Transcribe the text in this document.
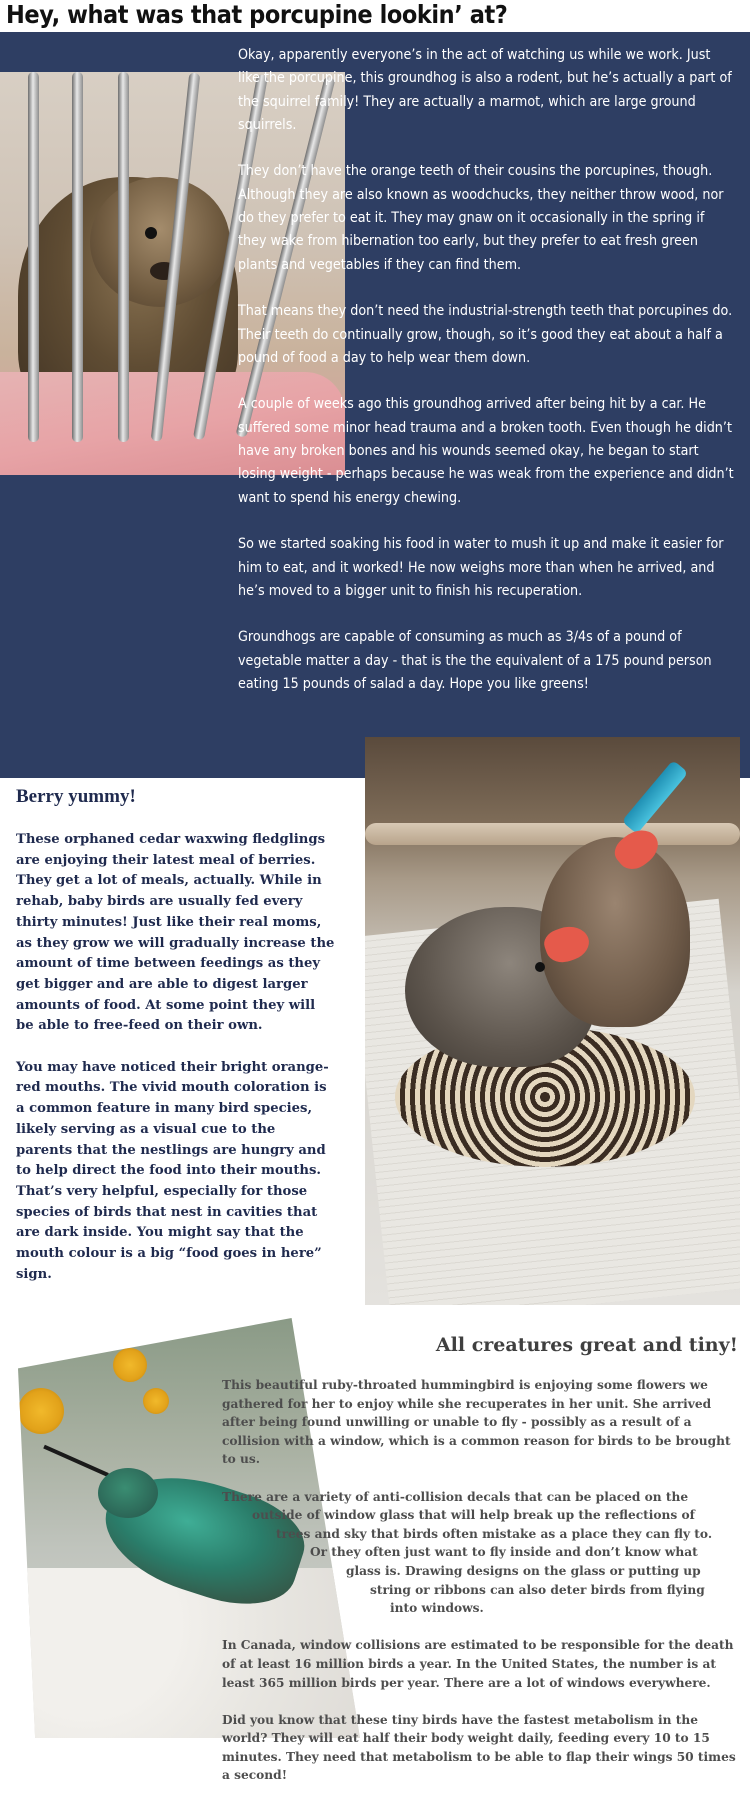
Hey, what was that porcupine lookin’ at?

Okay, apparently everyone’s in the act of watching us while we work. Just like the porcupine, this groundhog is also a rodent, but he’s actually a part of the squirrel family! They are actually a marmot, which are large ground squirrels.

They don’t have the orange teeth of their cousins the porcupines, though. Although they are also known as woodchucks, they neither throw wood, nor do they prefer to eat it. They may gnaw on it occasionally in the spring if they wake from hibernation too early, but they prefer to eat fresh green plants and vegetables if they can find them.

That means they don’t need the industrial-strength teeth that porcupines do. Their teeth do continually grow, though, so it’s good they eat about a half a pound of food a day to help wear them down.

A couple of weeks ago this groundhog arrived after being hit by a car. He suffered some minor head trauma and a broken tooth. Even though he didn’t have any broken bones and his wounds seemed okay, he began to start losing weight - perhaps because he was weak from the experience and didn’t want to spend his energy chewing.

So we started soaking his food in water to mush it up and make it easier for him to eat, and it worked! He now weighs more than when he arrived, and he’s moved to a bigger unit to finish his recuperation.

Groundhogs are capable of consuming as much as 3/4s of a pound of vegetable matter a day - that is the the equivalent of a 175 pound person eating 15 pounds of salad a day. Hope you like greens!

Berry yummy!

These orphaned cedar waxwing fledglings are enjoying their latest meal of berries. They get a lot of meals, actually. While in rehab, baby birds are usually fed every thirty minutes! Just like their real moms, as they grow we will gradually increase the amount of time between feedings as they get bigger and are able to digest larger amounts of food. At some point they will be able to free-feed on their own.

You may have noticed their bright orange-red mouths. The vivid mouth coloration is a common feature in many bird species, likely serving as a visual cue to the parents that the nestlings are hungry and to help direct the food into their mouths. That’s very helpful, especially for those species of birds that nest in cavities that are dark inside. You might say that the mouth colour is a big “food goes in here” sign.

All creatures great and tiny!

This beautiful ruby-throated hummingbird is enjoying some flowers we gathered for her to enjoy while she recuperates in her unit. She arrived after being found unwilling or unable to fly - possibly as a result of a collision with a window, which is a common reason for birds to be brought to us.

There are a variety of anti-collision decals that can be placed on the
outside of window glass that will help break up the reflections of
trees and sky that birds often mistake as a place they can fly to.
Or they often just want to fly inside and don’t know what
glass is. Drawing designs on the glass or putting up
string or ribbons can also deter birds from flying
into windows.

In Canada, window collisions are estimated to be responsible for the death of at least 16 million birds a year. In the United States, the number is at least 365 million birds per year. There are a lot of windows everywhere.

Did you know that these tiny birds have the fastest metabolism in the world? They will eat half their body weight daily, feeding every 10 to 15 minutes. They need that metabolism to be able to flap their wings 50 times a second!
